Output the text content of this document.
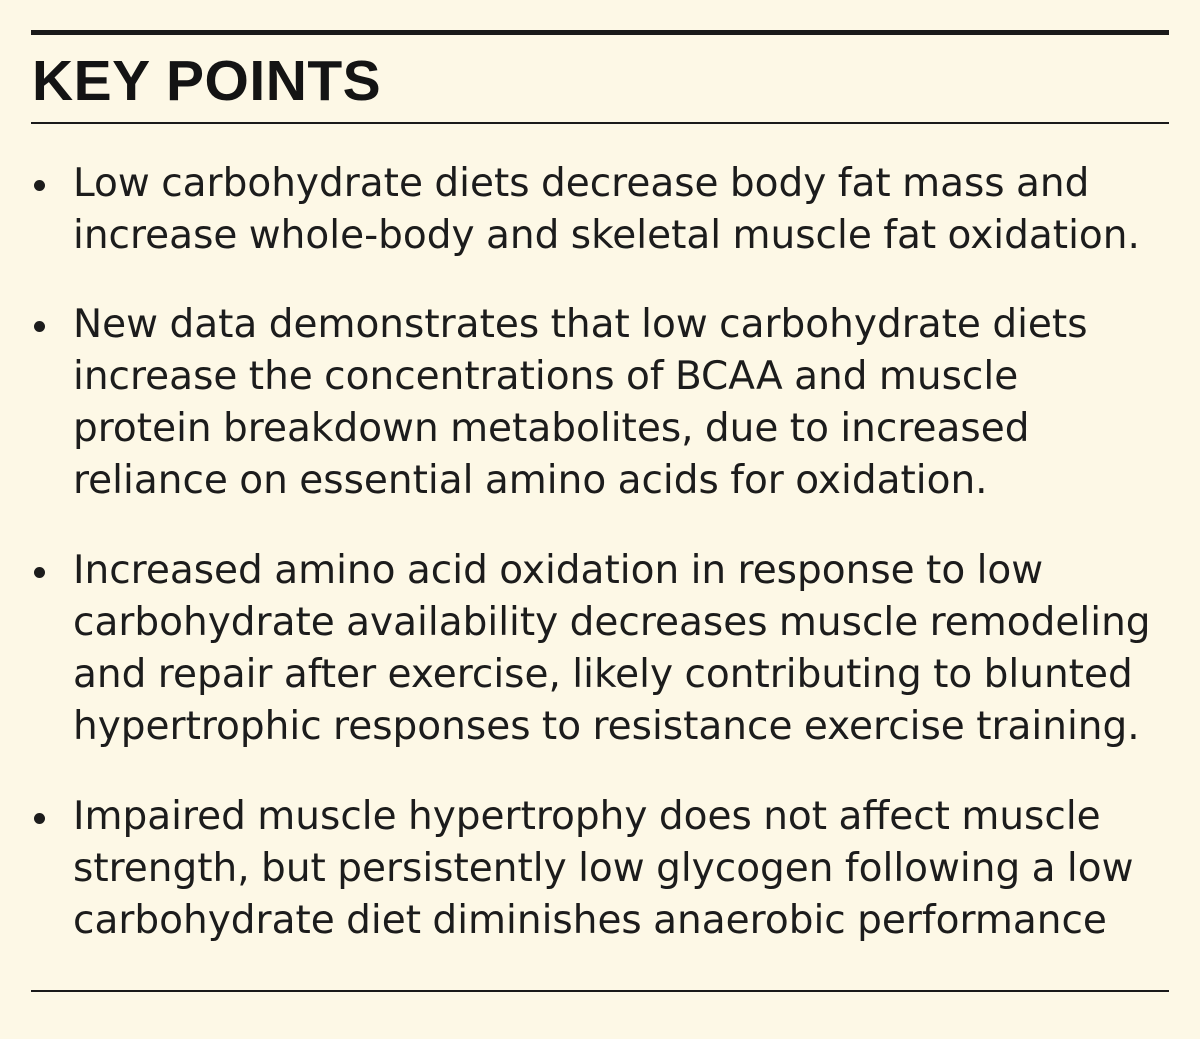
KEY POINTS
Low carbohydrate diets decrease body fat mass and
increase whole-body and skeletal muscle fat oxidation.
New data demonstrates that low carbohydrate diets
increase the concentrations of BCAA and muscle
protein breakdown metabolites, due to increased
reliance on essential amino acids for oxidation.
Increased amino acid oxidation in response to low
carbohydrate availability decreases muscle remodeling
and repair after exercise, likely contributing to blunted
hypertrophic responses to resistance exercise training.
Impaired muscle hypertrophy does not affect muscle
strength, but persistently low glycogen following a low
carbohydrate diet diminishes anaerobic performance
